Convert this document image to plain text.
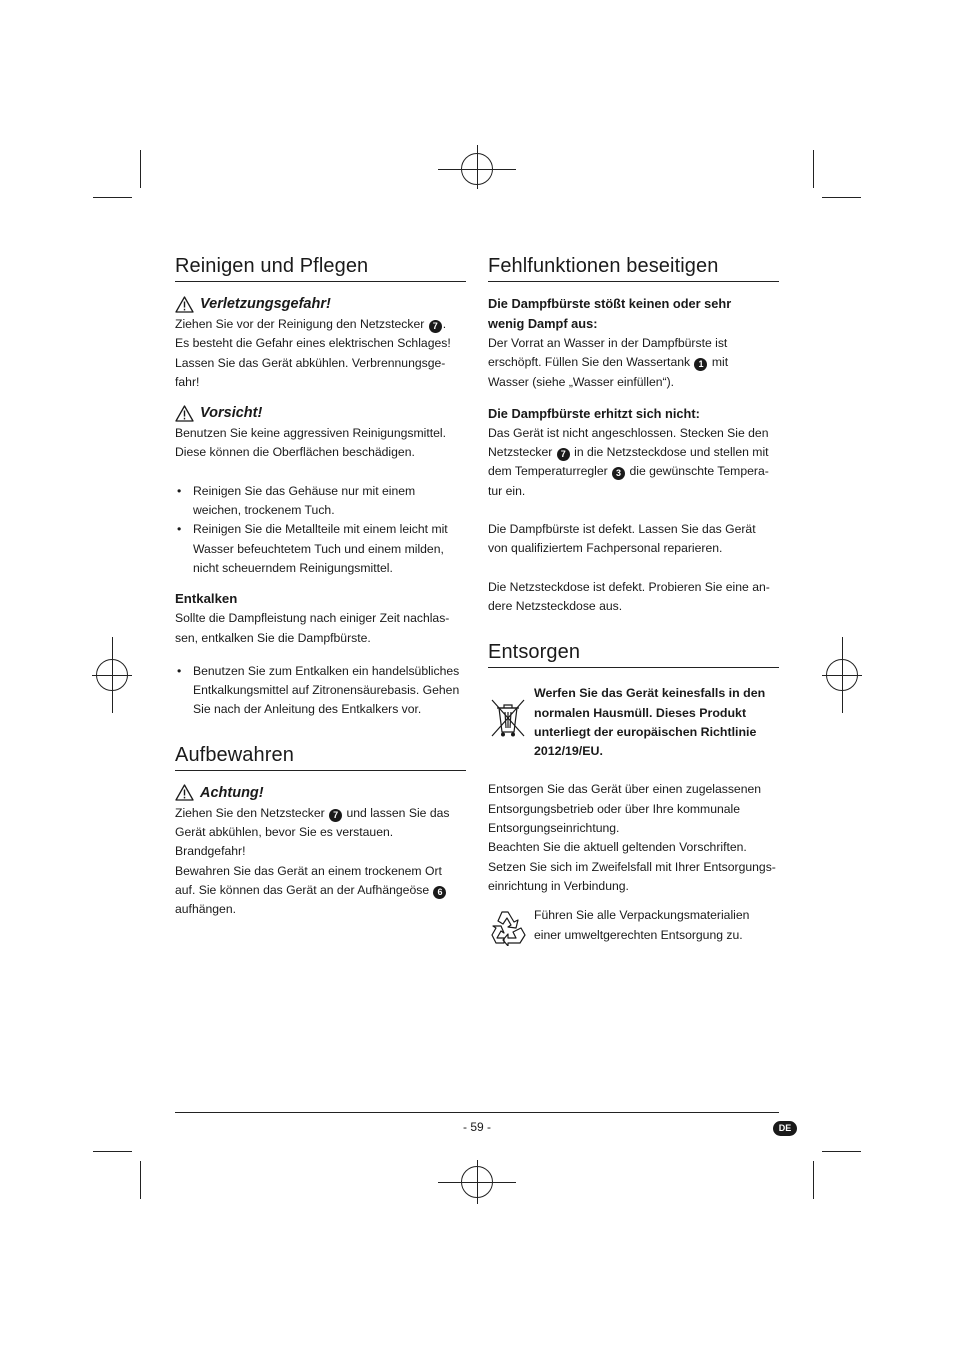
Reinigen und Pflegen
Verletzungsgefahr!

Ziehen Sie vor der Reinigung den Netzstecker 7 .
Es besteht die Gefahr eines elektrischen Schlages!
Lassen Sie das Gerät abkühlen. Verbrennungsge-
fahr!

Vorsicht!

Benutzen Sie keine aggressiven Reinigungsmittel.
Diese können die Oberflächen beschädigen.

• Reinigen Sie das Gehäuse nur mit einem
weichen, trockenem Tuch.
• Reinigen Sie die Metallteile mit einem leicht mit
Wasser befeuchtetem Tuch und einem milden,
nicht scheuerndem Reinigungsmittel.
Entkalken

Sollte die Dampfleistung nach einiger Zeit nachlas-
sen, entkalken Sie die Dampfbürste.

• Benutzen Sie zum Entkalken ein handelsübliches
Entkalkungsmittel auf Zitronensäurebasis. Gehen
Sie nach der Anleitung des Entkalkers vor.
Aufbewahren
Achtung!

Ziehen Sie den Netzstecker 7 und lassen Sie das
Gerät abkühlen, bevor Sie es verstauen.
Brandgefahr!
Bewahren Sie das Gerät an einem trockenem Ort
auf. Sie können das Gerät an der Aufhängeöse 6
aufhängen.

Fehlfunktionen beseitigen
Die Dampfbürste stößt keinen oder sehr
wenig Dampf aus:

Der Vorrat an Wasser in der Dampfbürste ist
erschöpft. Füllen Sie den Wassertank 1 mit
Wasser (siehe „Wasser einfüllen“).

Die Dampfbürste erhitzt sich nicht:

Das Gerät ist nicht angeschlossen. Stecken Sie den
Netzstecker 7 in die Netzsteckdose und stellen mit
dem Temperaturregler 3 die gewünschte Tempera-
tur ein.

Die Dampfbürste ist defekt. Lassen Sie das Gerät
von qualifiziertem Fachpersonal reparieren.

Die Netzsteckdose ist defekt. Probieren Sie eine an-
dere Netzsteckdose aus.

Entsorgen
Werfen Sie das Gerät keinesfalls in den
normalen Hausmüll. Dieses Produkt
unterliegt der europäischen Richtlinie
2012/19/EU.

Entsorgen Sie das Gerät über einen zugelassenen
Entsorgungsbetrieb oder über Ihre kommunale
Entsorgungseinrichtung.
Beachten Sie die aktuell geltenden Vorschriften.
Setzen Sie sich im Zweifelsfall mit Ihrer Entsorgungs-
einrichtung in Verbindung.

Führen Sie alle Verpackungsmaterialien
einer umweltgerechten Entsorgung zu.

- 59 -	DE
